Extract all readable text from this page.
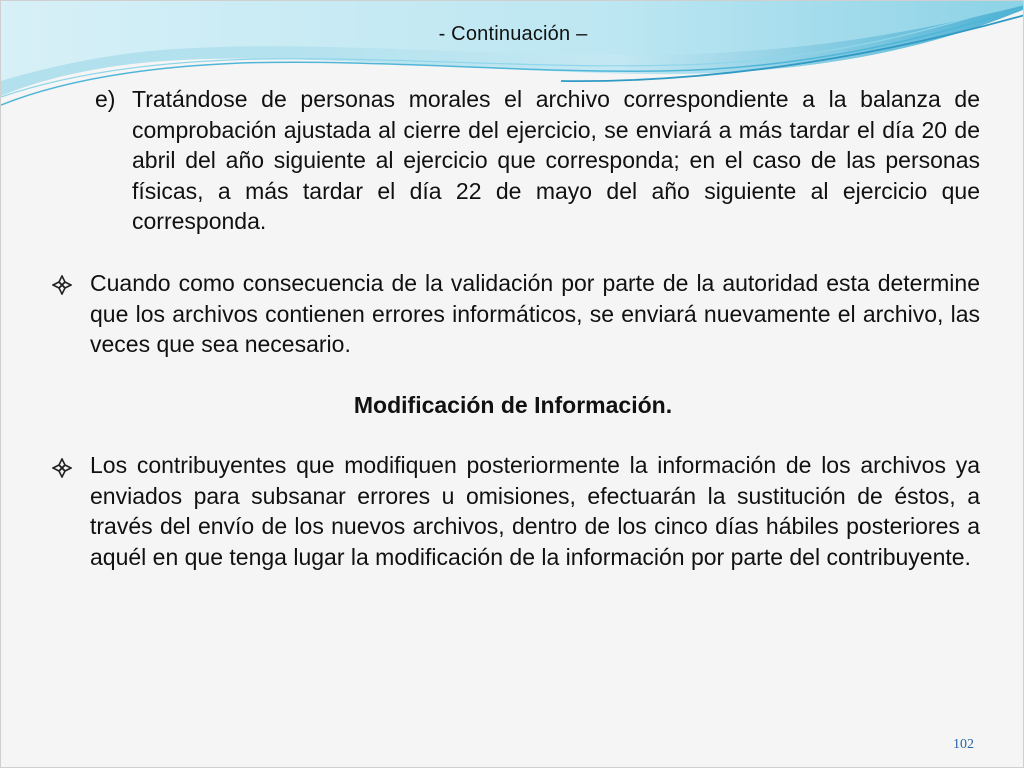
- Continuación –
e) Tratándose de personas morales el archivo correspondiente a la balanza de comprobación ajustada al cierre del ejercicio, se enviará a más tardar el día 20 de abril del año siguiente al ejercicio que corresponda; en el caso de las personas físicas, a más tardar el día 22 de mayo del año siguiente al ejercicio que corresponda.
Cuando como consecuencia de la validación por parte de la autoridad esta determine que los archivos contienen errores informáticos, se enviará nuevamente el archivo, las veces que sea necesario.
Modificación de Información.
Los contribuyentes que modifiquen posteriormente la información de los archivos ya enviados para subsanar errores u omisiones, efectuarán la sustitución de éstos, a través del envío de los nuevos archivos, dentro de los cinco días hábiles posteriores a aquél en que tenga lugar la modificación de la información por parte del contribuyente.
102
